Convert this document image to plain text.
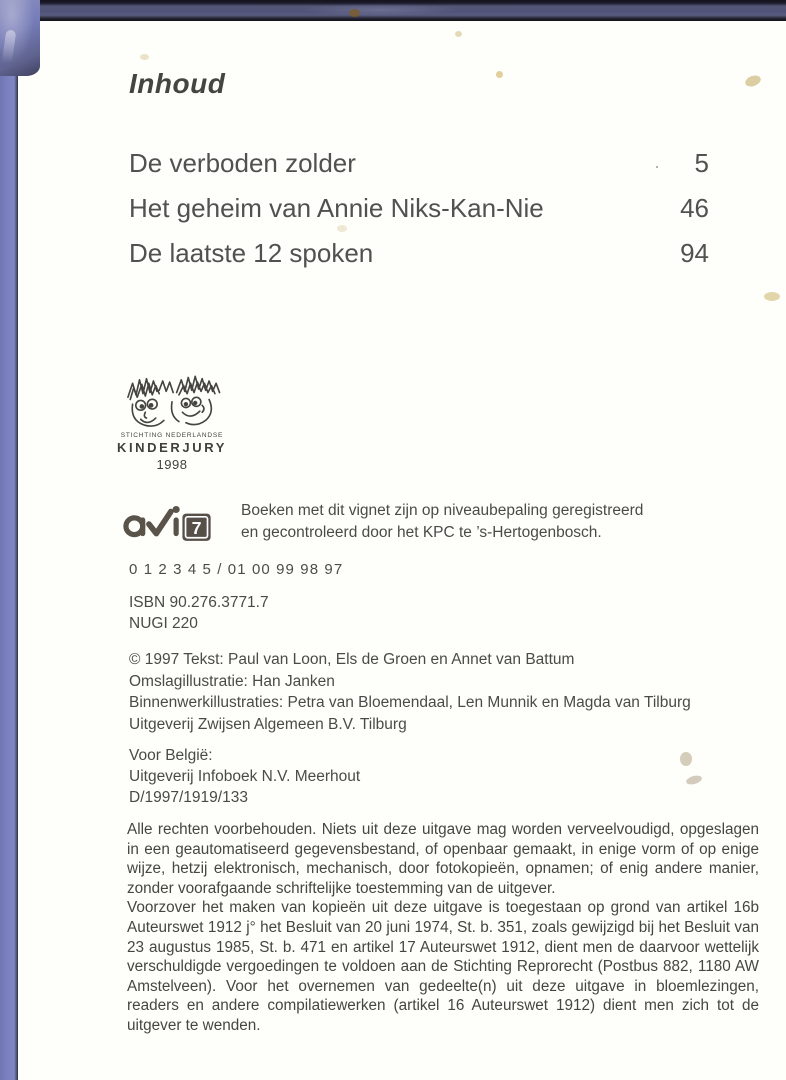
Inhoud
De verboden zolder	·	5
Het geheim van Annie Niks-Kan-Nie	46
De laatste 12 spoken	94
STICHTING NEDERLANDSE
KINDERJURY
1998
7
Boeken met dit vignet zijn op niveaubepaling geregistreerd
en gecontroleerd door het KPC te ’s-Hertogenbosch.
0 1 2 3 4 5 / 01 00 99 98 97
ISBN 90.276.3771.7
NUGI 220
© 1997 Tekst: Paul van Loon, Els de Groen en Annet van Battum
Omslagillustratie: Han Janken
Binnenwerkillustraties: Petra van Bloemendaal, Len Munnik en Magda van Tilburg
Uitgeverij Zwijsen Algemeen B.V. Tilburg
Voor België:
Uitgeverij Infoboek N.V. Meerhout
D/1997/1919/133

Alle rechten voorbehouden. Niets uit deze uitgave mag worden verveelvoudigd, opgeslagen in een geautomatiseerd gegevensbestand, of openbaar gemaakt, in enige vorm of op enige wijze, hetzij elektronisch, mechanisch, door fotokopieën, opnamen; of enig andere manier, zonder voorafgaande schriftelijke toestemming van de uitgever.

Voorzover het maken van kopieën uit deze uitgave is toegestaan op grond van artikel 16b Auteurswet 1912 j° het Besluit van 20 juni 1974, St. b. 351, zoals gewijzigd bij het Besluit van 23 augustus 1985, St. b. 471 en artikel 17 Auteurswet 1912, dient men de daarvoor wettelijk verschuldigde vergoedingen te voldoen aan de Stichting Reprorecht (Postbus 882, 1180 AW Amstelveen). Voor het overnemen van gedeelte(n) uit deze uitgave in bloemlezingen, readers en andere compilatiewerken (artikel 16 Auteurswet 1912) dient men zich tot de uitgever te wenden.
